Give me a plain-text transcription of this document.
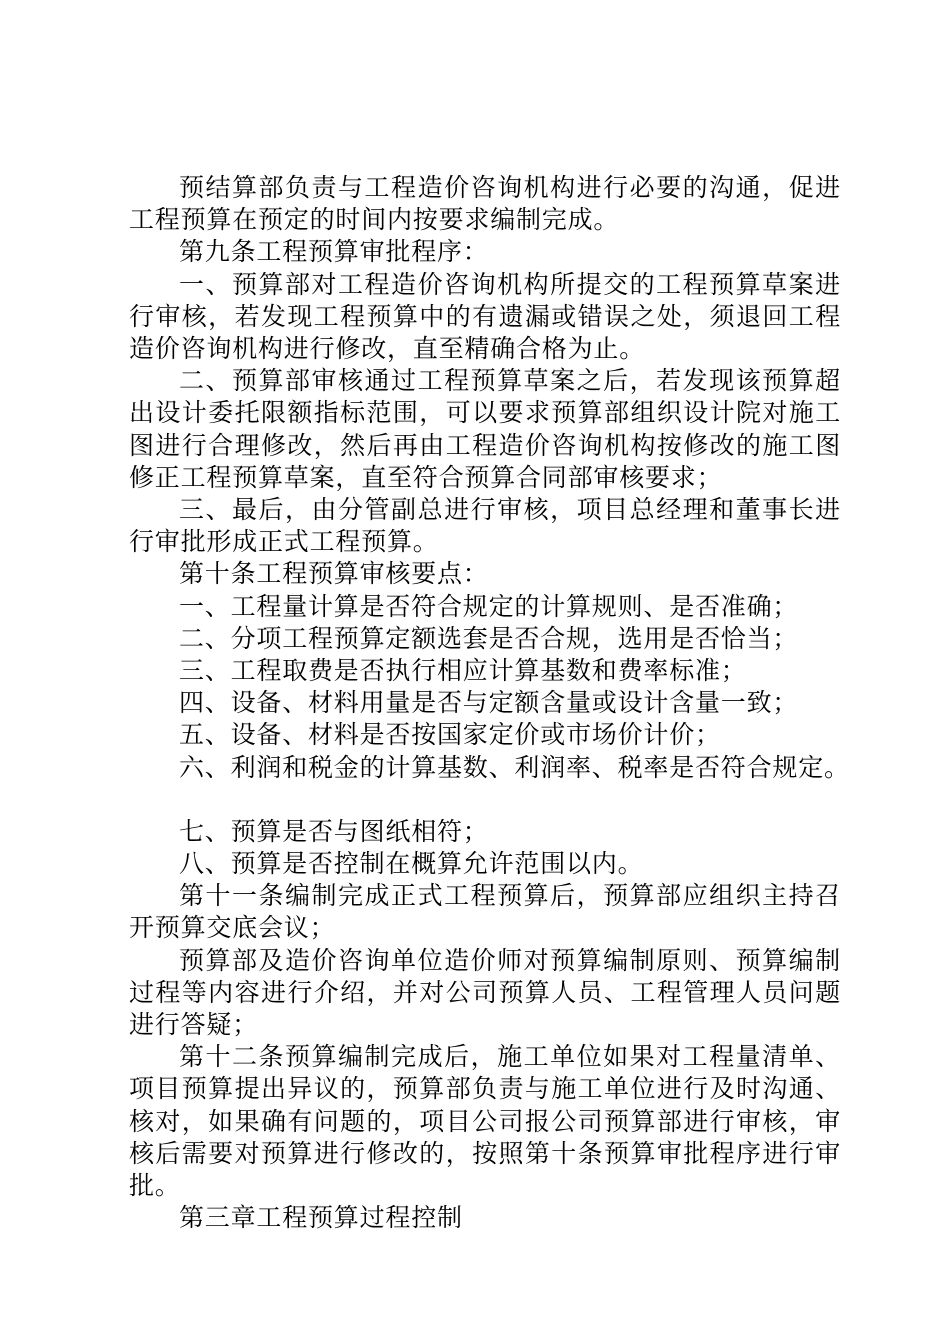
预结算部负责与工程造价咨询机构进行必要的沟通，促进工程预算在预定的时间内按要求编制完成。

第九条工程预算审批程序：

一、预算部对工程造价咨询机构所提交的工程预算草案进行审核，若发现工程预算中的有遗漏或错误之处，须退回工程造价咨询机构进行修改，直至精确合格为止。

二、预算部审核通过工程预算草案之后，若发现该预算超出设计委托限额指标范围，可以要求预算部组织设计院对施工图进行合理修改，然后再由工程造价咨询机构按修改的施工图修正工程预算草案，直至符合预算合同部审核要求；

三、最后，由分管副总进行审核，项目总经理和董事长进行审批形成正式工程预算。

第十条工程预算审核要点：

一、工程量计算是否符合规定的计算规则、是否准确；

二、分项工程预算定额选套是否合规，选用是否恰当；

三、工程取费是否执行相应计算基数和费率标准；

四、设备、材料用量是否与定额含量或设计含量一致；

五、设备、材料是否按国家定价或市场价计价；

六、利润和税金的计算基数、利润率、税率是否符合规定。

七、预算是否与图纸相符；

八、预算是否控制在概算允许范围以内。

第十一条编制完成正式工程预算后，预算部应组织主持召开预算交底会议；

预算部及造价咨询单位造价师对预算编制原则、预算编制过程等内容进行介绍，并对公司预算人员、工程管理人员问题进行答疑；

第十二条预算编制完成后，施工单位如果对工程量清单、项目预算提出异议的，预算部负责与施工单位进行及时沟通、核对，如果确有问题的，项目公司报公司预算部进行审核，审核后需要对预算进行修改的，按照第十条预算审批程序进行审批。

第三章工程预算过程控制
